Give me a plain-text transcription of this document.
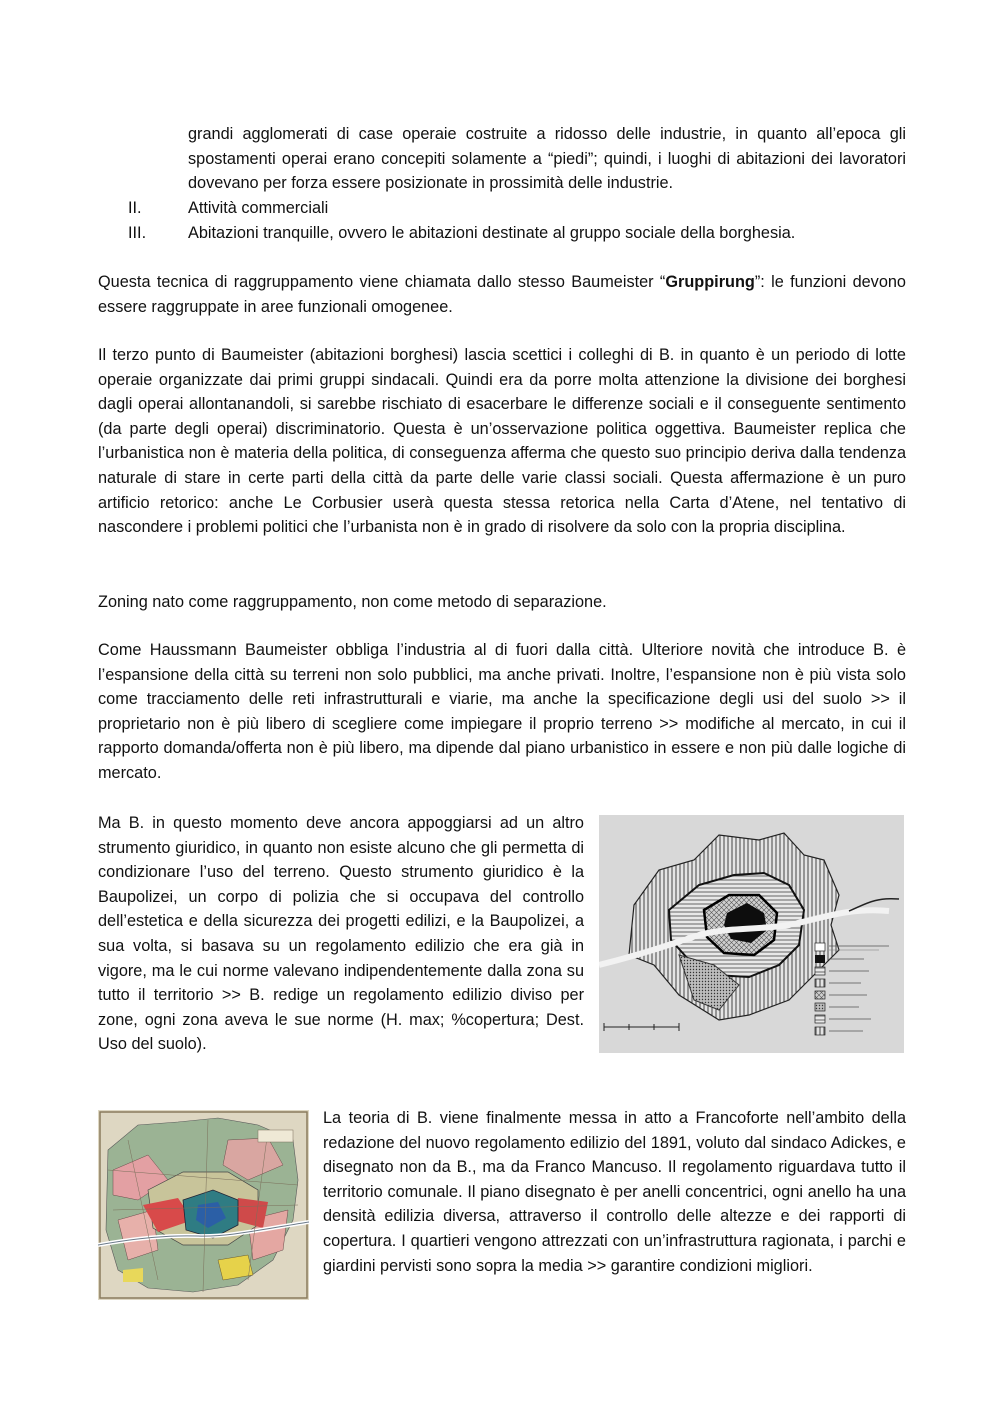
grandi agglomerati di case operaie costruite a ridosso delle industrie, in quanto all’epoca gli spostamenti operai erano concepiti solamente a “piedi”; quindi, i luoghi di abitazioni dei lavoratori dovevano per forza essere posizionate in prossimità delle industrie.

II.	Attività commerciali
III.	Abitazioni tranquille, ovvero le abitazioni destinate al gruppo sociale della borghesia.

Questa tecnica di raggruppamento viene chiamata dallo stesso Baumeister “Gruppirung”: le funzioni devono essere raggruppate in aree funzionali omogenee.

Il terzo punto di Baumeister (abitazioni borghesi) lascia scettici i colleghi di B. in quanto è un periodo di lotte operaie organizzate dai primi gruppi sindacali. Quindi era da porre molta attenzione la divisione dei borghesi dagli operai allontanandoli, si sarebbe rischiato di esacerbare le differenze sociali e il conseguente sentimento (da parte degli operai) discriminatorio. Questa è un’osservazione politica oggettiva. Baumeister replica che l’urbanistica non è materia della politica, di conseguenza afferma che questo suo principio deriva dalla tendenza naturale di stare in certe parti della città da parte delle varie classi sociali. Questa affermazione è un puro artificio retorico: anche Le Corbusier userà questa stessa retorica nella Carta d’Atene, nel tentativo di nascondere i problemi politici che l’urbanista non è in grado di risolvere da solo con la propria disciplina.

Zoning nato come raggruppamento, non come metodo di separazione.

Come Haussmann Baumeister obbliga l’industria al di fuori dalla città. Ulteriore novità che introduce B. è l’espansione della città su terreni non solo pubblici, ma anche privati. Inoltre, l’espansione non è più vista solo come tracciamento delle reti infrastrutturali e viarie, ma anche la specificazione degli usi del suolo >> il proprietario non è più libero di scegliere come impiegare il proprio terreno >> modifiche al mercato, in cui il rapporto domanda/offerta non è più libero, ma dipende dal piano urbanistico in essere e non più dalle logiche di mercato.

Ma B. in questo momento deve ancora appoggiarsi ad un altro strumento giuridico, in quanto non esiste alcuno che gli permetta di condizionare l’uso del terreno. Questo strumento giuridico è la Baupolizei, un corpo di polizia che si occupava del controllo dell’estetica e della sicurezza dei progetti edilizi, e la Baupolizei, a sua volta, si basava su un regolamento edilizio che era già in vigore, ma le cui norme valevano indipendentemente dalla zona su tutto il territorio >> B. redige un regolamento edilizio diviso per zone, ogni zona aveva le sue norme (H. max; %copertura; Dest. Uso del suolo).

La teoria di B. viene finalmente messa in atto a Francoforte nell’ambito della redazione del nuovo regolamento edilizio del 1891, voluto dal sindaco Adickes, e disegnato non da B., ma da Franco Mancuso. Il regolamento riguardava tutto il territorio comunale. Il piano disegnato è per anelli concentrici, ogni anello ha una densità edilizia diversa, attraverso il controllo delle altezze e dei rapporti di copertura. I quartieri vengono attrezzati con un’infrastruttura ragionata, i parchi e giardini pervisti sono sopra la media >> garantire condizioni migliori.
